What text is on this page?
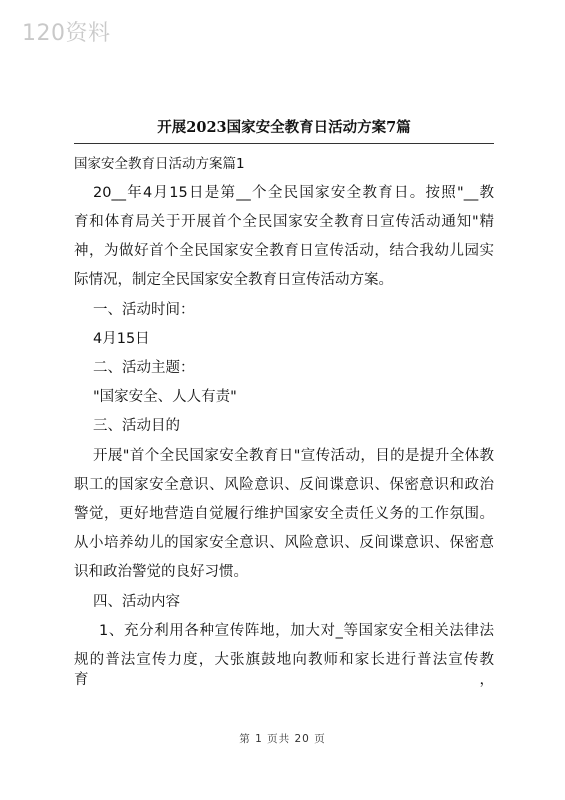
120资料
开展2023国家安全教育日活动方案7篇
国家安全教育日活动方案篇1
20__年4月15日是第__个全民国家安全教育日。按照"__教
育和体育局关于开展首个全民国家安全教育日宣传活动通知"精
神，为做好首个全民国家安全教育日宣传活动，结合我幼儿园实
际情况，制定全民国家安全教育日宣传活动方案。
一、活动时间：
4月15日
二、活动主题：
"国家安全、人人有责"
三、活动目的
开展"首个全民国家安全教育日"宣传活动，目的是提升全体教
职工的国家安全意识、风险意识、反间谍意识、保密意识和政治
警觉，更好地营造自觉履行维护国家安全责任义务的工作氛围。
从小培养幼儿的国家安全意识、风险意识、反间谍意识、保密意
识和政治警觉的良好习惯。
四、活动内容
1、充分利用各种宣传阵地，加大对_等国家安全相关法律法
规的普法宣传力度，大张旗鼓地向教师和家长进行普法宣传教育，
第 1 页共 20 页
